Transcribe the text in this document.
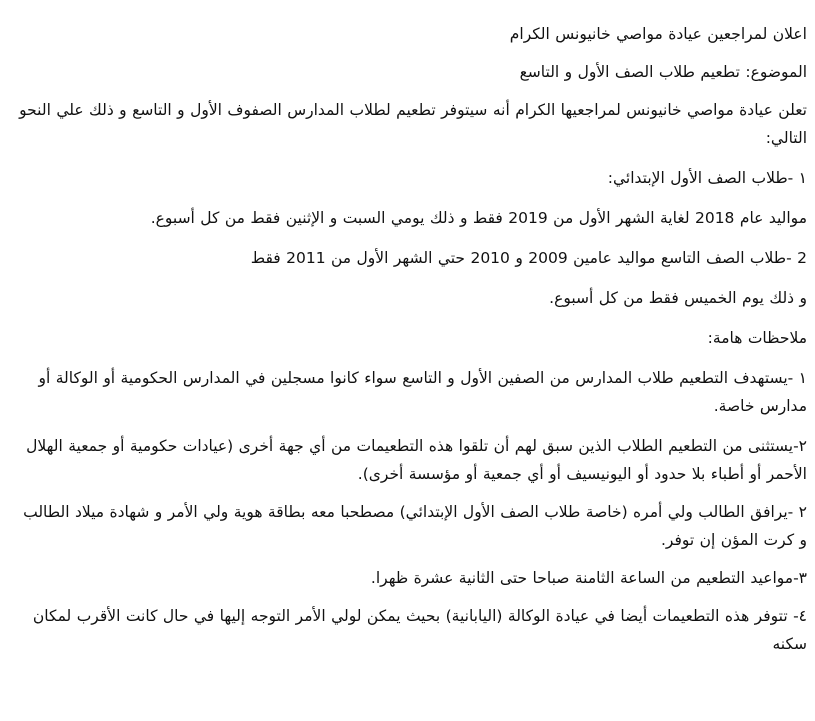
اعلان لمراجعين عيادة مواصي خانيونس الكرام

الموضوع: تطعيم طلاب الصف الأول و التاسع

تعلن عيادة مواصي خانيونس لمراجعيها الكرام أنه سيتوفر تطعيم لطلاب المدارس الصفوف الأول و التاسع و ذلك علي النحو التالي:

١ -طلاب الصف الأول الإبتدائي:

مواليد عام 2018 لغاية الشهر الأول من 2019 فقط و ذلك يومي السبت و الإثنين فقط من كل أسبوع.

2 -طلاب الصف التاسع مواليد عامين 2009 و 2010 حتي الشهر الأول من 2011 فقط

و ذلك يوم الخميس فقط من كل أسبوع.

ملاحظات هامة:

١ -يستهدف التطعيم طلاب المدارس من الصفين الأول و التاسع سواء كانوا مسجلين في المدارس الحكومية أو الوكالة أو مدارس خاصة.

٢-يستثنى من التطعيم الطلاب الذين سبق لهم أن تلقوا هذه التطعيمات من أي جهة أخرى (عيادات حكومية أو جمعية الهلال الأحمر أو أطباء بلا حدود أو اليونيسيف أو أي جمعية أو مؤسسة أخرى).

٢ -يرافق الطالب ولي أمره (خاصة طلاب الصف الأول الإبتدائي) مصطحبا معه بطاقة هوية ولي الأمر و شهادة ميلاد الطالب و كرت المؤن إن توفر.

٣-مواعيد التطعيم من الساعة الثامنة صباحا حتى الثانية عشرة ظهرا.

٤- تتوفر هذه التطعيمات أيضا في عيادة الوكالة (اليابانية) بحيث يمكن لولي الأمر التوجه إليها في حال كانت الأقرب لمكان سكنه
